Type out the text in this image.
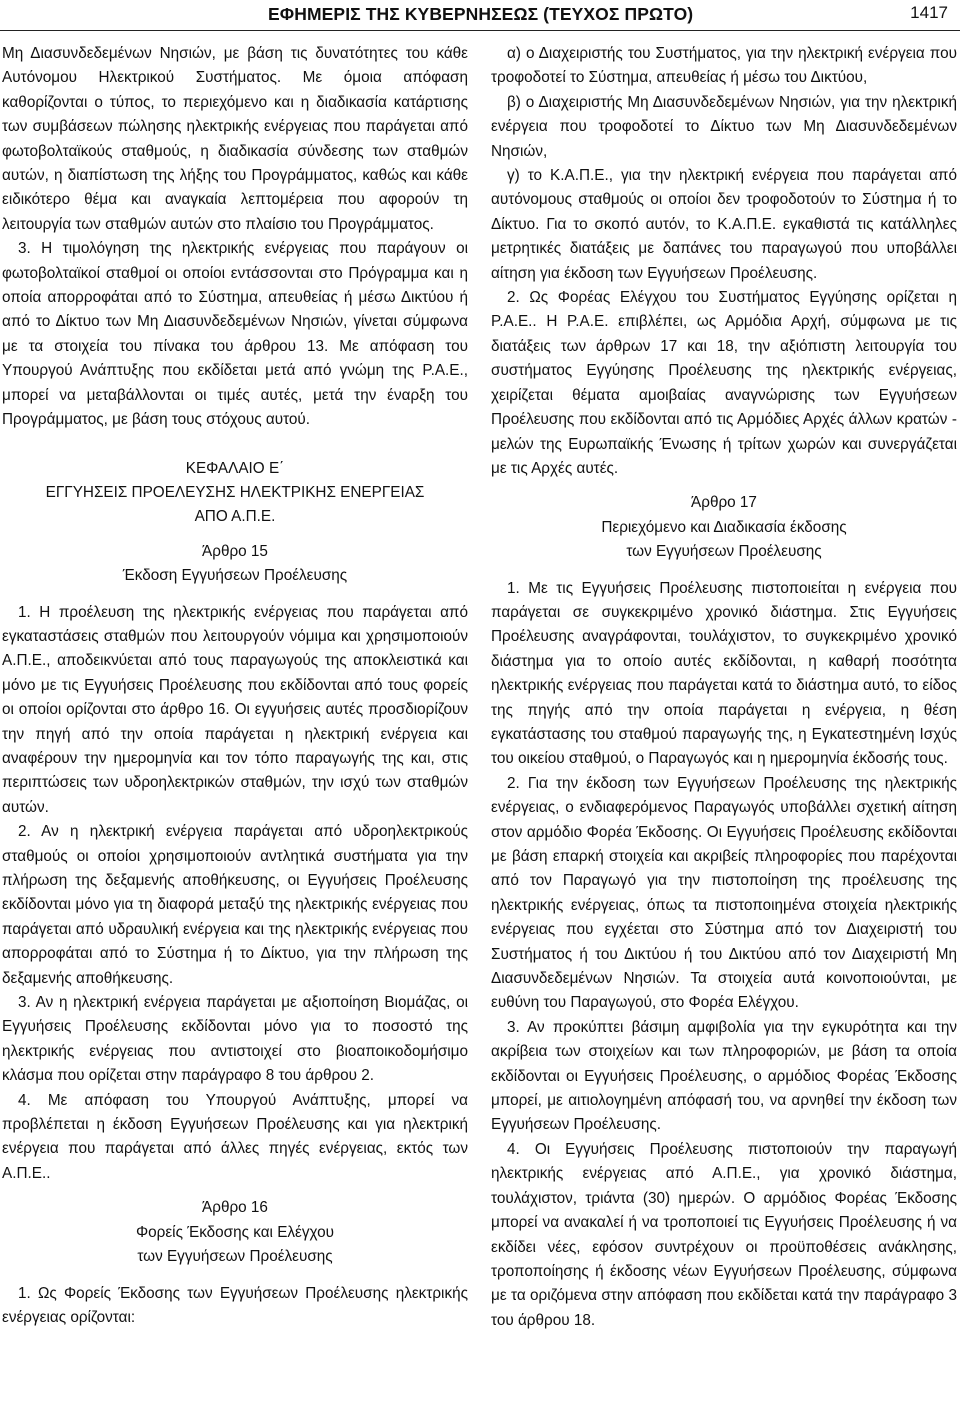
ΕΦΗΜΕΡΙΣ ΤΗΣ ΚΥΒΕΡΝΗΣΕΩΣ (ΤΕΥΧΟΣ ΠΡΩΤΟ)	1417

Μη Διασυνδεδεμένων Νησιών, με βάση τις δυνατότητες του κάθε Αυτόνομου Ηλεκτρικού Συστήματος. Με όμοια απόφαση καθορίζονται ο τύπος, το περιεχόμενο και η διαδικασία κατάρτισης των συμβάσεων πώλησης ηλεκτρικής ενέργειας που παράγεται από φωτοβολταϊκούς σταθμούς, η διαδικασία σύνδεσης των σταθμών αυτών, η διαπίστωση της λήξης του Προγράμματος, καθώς και κάθε ειδικότερο θέμα και αναγκαία λεπτομέρεια που αφορούν τη λειτουργία των σταθμών αυτών στο πλαίσιο του Προγράμματος.

3. Η τιμολόγηση της ηλεκτρικής ενέργειας που παράγουν οι φωτοβολταϊκοί σταθμοί οι οποίοι εντάσσονται στο Πρόγραμμα και η οποία απορροφάται από το Σύστημα, απευθείας ή μέσω Δικτύου ή από το Δίκτυο των Μη Διασυνδεδεμένων Νησιών, γίνεται σύμφωνα με τα στοιχεία του πίνακα του άρθρου 13. Με απόφαση του Υπουργού Ανάπτυξης που εκδίδεται μετά από γνώμη της Ρ.Α.Ε., μπορεί να μεταβάλλονται οι τιμές αυτές, μετά την έναρξη του Προγράμματος, με βάση τους στόχους αυτού.

ΚΕΦΑΛΑΙΟ Ε΄

ΕΓΓΥΗΣΕΙΣ ΠΡΟΕΛΕΥΣΗΣ ΗΛΕΚΤΡΙΚΗΣ ΕΝΕΡΓΕΙΑΣ

ΑΠΟ Α.Π.Ε.

Άρθρο 15

Έκδοση Εγγυήσεων Προέλευσης

1. Η προέλευση της ηλεκτρικής ενέργειας που παράγεται από εγκαταστάσεις σταθμών που λειτουργούν νόμιμα και χρησιμοποιούν Α.Π.Ε., αποδεικνύεται από τους παραγωγούς της αποκλειστικά και μόνο με τις Εγγυήσεις Προέλευσης που εκδίδονται από τους φορείς οι οποίοι ορίζονται στο άρθρο 16. Οι εγγυήσεις αυτές προσδιορίζουν την πηγή από την οποία παράγεται η ηλεκτρική ενέργεια και αναφέρουν την ημερομηνία και τον τόπο παραγωγής της και, στις περιπτώσεις των υδροηλεκτρικών σταθμών, την ισχύ των σταθμών αυτών.

2. Αν η ηλεκτρική ενέργεια παράγεται από υδροηλεκτρικούς σταθμούς οι οποίοι χρησιμοποιούν αντλητικά συστήματα για την πλήρωση της δεξαμενής αποθήκευσης, οι Εγγυήσεις Προέλευσης εκδίδονται μόνο για τη διαφορά μεταξύ της ηλεκτρικής ενέργειας που παράγεται από υδραυλική ενέργεια και της ηλεκτρικής ενέργειας που απορροφάται από το Σύστημα ή το Δίκτυο, για την πλήρωση της δεξαμενής αποθήκευσης.

3. Αν η ηλεκτρική ενέργεια παράγεται με αξιοποίηση Βιομάζας, οι Εγγυήσεις Προέλευσης εκδίδονται μόνο για το ποσοστό της ηλεκτρικής ενέργειας που αντιστοιχεί στο βιοαποικοδομήσιμο κλάσμα που ορίζεται στην παράγραφο 8 του άρθρου 2.

4. Με απόφαση του Υπουργού Ανάπτυξης, μπορεί να προβλέπεται η έκδοση Εγγυήσεων Προέλευσης και για ηλεκτρική ενέργεια που παράγεται από άλλες πηγές ενέργειας, εκτός των Α.Π.Ε..

Άρθρο 16

Φορείς Έκδοσης και Ελέγχου

των Εγγυήσεων Προέλευσης

1. Ως Φορείς Έκδοσης των Εγγυήσεων Προέλευσης ηλεκτρικής ενέργειας ορίζονται:

α) ο Διαχειριστής του Συστήματος, για την ηλεκτρική ενέργεια που τροφοδοτεί το Σύστημα, απευθείας ή μέσω του Δικτύου,

β) ο Διαχειριστής Μη Διασυνδεδεμένων Νησιών, για την ηλεκτρική ενέργεια που τροφοδοτεί το Δίκτυο των Μη Διασυνδεδεμένων Νησιών,

γ) το Κ.Α.Π.Ε., για την ηλεκτρική ενέργεια που παράγεται από αυτόνομους σταθμούς οι οποίοι δεν τροφοδοτούν το Σύστημα ή το Δίκτυο. Για το σκοπό αυτόν, το Κ.Α.Π.Ε. εγκαθιστά τις κατάλληλες μετρητικές διατάξεις με δαπάνες του παραγωγού που υποβάλλει αίτηση για έκδοση των Εγγυήσεων Προέλευσης.

2. Ως Φορέας Ελέγχου του Συστήματος Εγγύησης ορίζεται η Ρ.Α.Ε.. Η Ρ.Α.Ε. επιβλέπει, ως Αρμόδια Αρχή, σύμφωνα με τις διατάξεις των άρθρων 17 και 18, την αξιόπιστη λειτουργία του συστήματος Εγγύησης Προέλευσης της ηλεκτρικής ενέργειας, χειρίζεται θέματα αμοιβαίας αναγνώρισης των Εγγυήσεων Προέλευσης που εκδίδονται από τις Αρμόδιες Αρχές άλλων κρατών - μελών της Ευρωπαϊκής Ένωσης ή τρίτων χωρών και συνεργάζεται με τις Αρχές αυτές.

Άρθρο 17

Περιεχόμενο και Διαδικασία έκδοσης

των Εγγυήσεων Προέλευσης

1. Με τις Εγγυήσεις Προέλευσης πιστοποιείται η ενέργεια που παράγεται σε συγκεκριμένο χρονικό διάστημα. Στις Εγγυήσεις Προέλευσης αναγράφονται, τουλάχιστον, το συγκεκριμένο χρονικό διάστημα για το οποίο αυτές εκδίδονται, η καθαρή ποσότητα ηλεκτρικής ενέργειας που παράγεται κατά το διάστημα αυτό, το είδος της πηγής από την οποία παράγεται η ενέργεια, η θέση εγκατάστασης του σταθμού παραγωγής της, η Εγκατεστημένη Ισχύς του οικείου σταθμού, ο Παραγωγός και η ημερομηνία έκδοσής τους.

2. Για την έκδοση των Εγγυήσεων Προέλευσης της ηλεκτρικής ενέργειας, ο ενδιαφερόμενος Παραγωγός υποβάλλει σχετική αίτηση στον αρμόδιο Φορέα Έκδοσης. Οι Εγγυήσεις Προέλευσης εκδίδονται με βάση επαρκή στοιχεία και ακριβείς πληροφορίες που παρέχονται από τον Παραγωγό για την πιστοποίηση της προέλευσης της ηλεκτρικής ενέργειας, όπως τα πιστοποιημένα στοιχεία ηλεκτρικής ενέργειας που εγχέεται στο Σύστημα από τον Διαχειριστή του Συστήματος ή του Δικτύου ή του Δικτύου από τον Διαχειριστή Μη Διασυνδεδεμένων Νησιών. Τα στοιχεία αυτά κοινοποιούνται, με ευθύνη του Παραγωγού, στο Φορέα Ελέγχου.

3. Αν προκύπτει βάσιμη αμφιβολία για την εγκυρότητα και την ακρίβεια των στοιχείων και των πληροφοριών, με βάση τα οποία εκδίδονται οι Εγγυήσεις Προέλευσης, ο αρμόδιος Φορέας Έκδοσης μπορεί, με αιτιολογημένη απόφασή του, να αρνηθεί την έκδοση των Εγγυήσεων Προέλευσης.

4. Οι Εγγυήσεις Προέλευσης πιστοποιούν την παραγωγή ηλεκτρικής ενέργειας από Α.Π.Ε., για χρονικό διάστημα, τουλάχιστον, τριάντα (30) ημερών. Ο αρμόδιος Φορέας Έκδοσης μπορεί να ανακαλεί ή να τροποποιεί τις Εγγυήσεις Προέλευσης ή να εκδίδει νέες, εφόσον συντρέχουν οι προϋποθέσεις ανάκλησης, τροποποίησης ή έκδοσης νέων Εγγυήσεων Προέλευσης, σύμφωνα με τα οριζόμενα στην απόφαση που εκδίδεται κατά την παράγραφο 3 του άρθρου 18.
